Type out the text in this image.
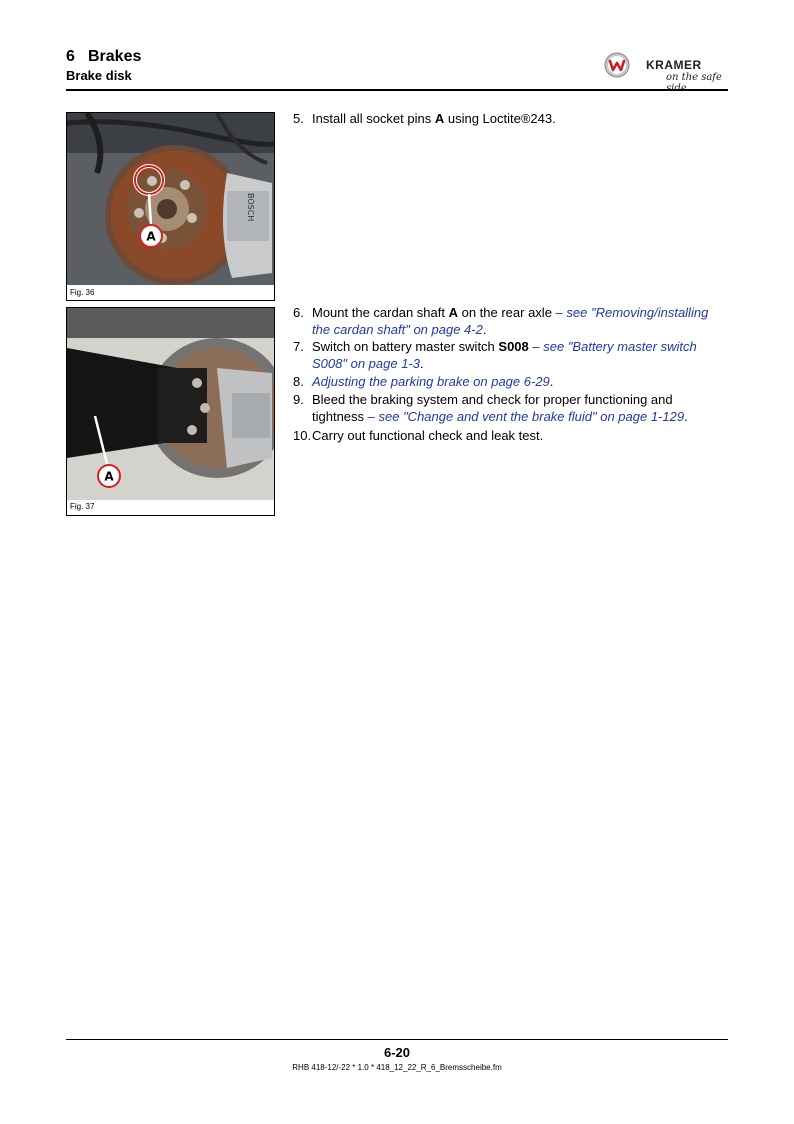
6 Brakes
Brake disk
KRAMER
on the safe
BOSCH
A
Fig. 36
A
Fig. 37
5. Install all socket pins A using Loctite®243.
6. Mount the cardan shaft A on the rear axle – see "Removing/installing the cardan shaft" on page 4-2.
7. Switch on battery master switch S008 – see "Battery master switch S008" on page 1-3.
8. Adjusting the parking brake on page 6-29.
9. Bleed the braking system and check for proper functioning and tightness – see "Change and vent the brake fluid" on page 1-129.
10. Carry out functional check and leak test.
6-20
RHB 418-12/-22 * 1.0 * 418_12_22_R_6_Bremsscheibe.fm
